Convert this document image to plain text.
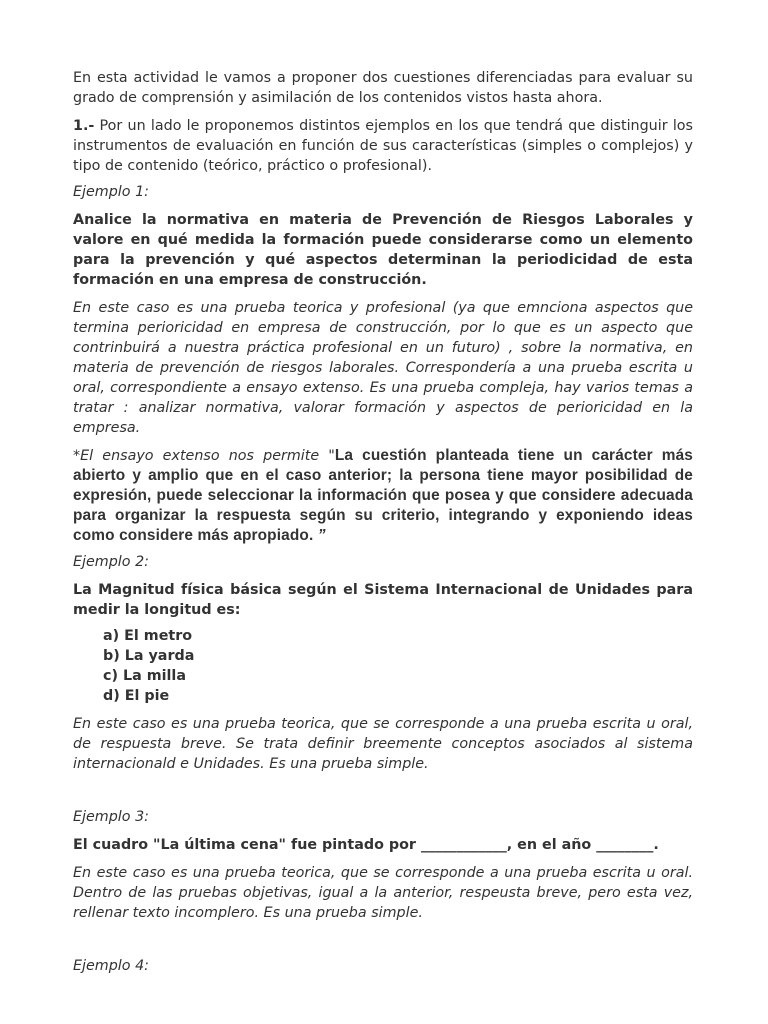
En esta actividad le vamos a proponer dos cuestiones diferenciadas para evaluar su grado de comprensión y asimilación de los contenidos vistos hasta ahora.

1.- Por un lado le proponemos distintos ejemplos en los que tendrá que distinguir los instrumentos de evaluación en función de sus características (simples o complejos) y tipo de contenido (teórico, práctico o profesional).

Ejemplo 1:

Analice la normativa en materia de Prevención de Riesgos Laborales y valore en qué medida la formación puede considerarse como un elemento para la prevención y qué aspectos determinan la periodicidad de esta formación en una empresa de construcción.

En este caso es una prueba teorica y profesional (ya que emnciona aspectos que termina perioricidad en empresa de construcción, por lo que es un aspecto que contrinbuirá a nuestra práctica profesional en un futuro) , sobre la normativa, en materia de prevención de riesgos laborales. Correspondería a una prueba escrita u oral, correspondiente a ensayo extenso. Es una prueba compleja, hay varios temas a tratar : analizar normativa, valorar formación y aspectos de perioricidad en la empresa.

*El ensayo extenso nos permite "La cuestión planteada tiene un carácter más abierto y amplio que en el caso anterior; la persona tiene mayor posibilidad de expresión, puede seleccionar la información que posea y que considere adecuada para organizar la respuesta según su criterio, integrando y exponiendo ideas como considere más apropiado. ”

Ejemplo 2:

La Magnitud física básica según el Sistema Internacional de Unidades para medir la longitud es:

a) El metro
b) La yarda
c) La milla
d) El pie

En este caso es una prueba teorica, que se corresponde a una prueba escrita u oral, de respuesta breve. Se trata definir breemente conceptos asociados al sistema internacionald e Unidades. Es una prueba simple.

Ejemplo 3:

El cuadro "La última cena" fue pintado por ____________, en el año ________.

En este caso es una prueba teorica, que se corresponde a una prueba escrita u oral. Dentro de las pruebas objetivas, igual a la anterior, respeusta breve, pero esta vez, rellenar texto incomplero. Es una prueba simple.

Ejemplo 4:
